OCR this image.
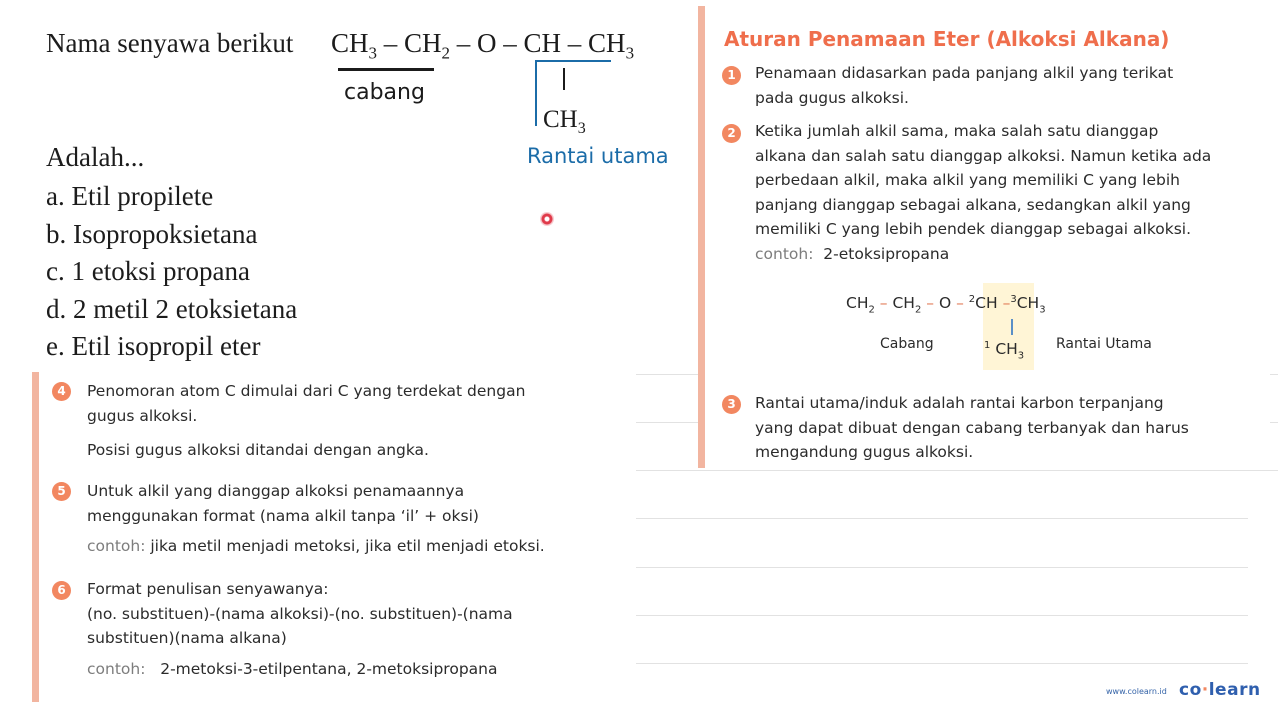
Nama senyawa berikut $CH_3 - CH_2$ – O – CH – $CH_3$
cabang
$CH_3$
Rantai utama
Adalah...
a. Etil propilete
b. Isopropoksietana
c. 1 etoksi propana
d. 2 metil 2 etoksietana
e. Etil isopropil eter
Aturan Penamaan Eter (Alkoksi Alkana)
1	Penamaan didasarkan pada panjang alkil yang terikat
pada gugus alkoksi.
2	Ketika jumlah alkil sama, maka salah satu dianggap
alkana dan salah satu dianggap alkoksi. Namun ketika ada
perbedaan alkil, maka alkil yang memiliki C yang lebih
panjang dianggap sebagai alkana, sedangkan alkil yang
memiliki C yang lebih pendek dianggap sebagai alkoksi.
contoh: 2-etoksipropana
$CH_2 - CH_2$ – O – $^2$CH $-^3CH_3$
$^1$ $CH_3$
Cabang	Rantai Utama
3	Rantai utama/induk adalah rantai karbon terpanjang
yang dapat dibuat dengan cabang terbanyak dan harus
mengandung gugus alkoksi.
4	Penomoran atom C dimulai dari C yang terdekat dengan
gugus alkoksi.
Posisi gugus alkoksi ditandai dengan angka.
5	Untuk alkil yang dianggap alkoksi penamaannya
menggunakan format (nama alkil tanpa ‘il’ + oksi)
contoh: jika metil menjadi metoksi, jika etil menjadi etoksi.
6	Format penulisan senyawanya:
(no. substituen)-(nama alkoksi)-(no. substituen)-(nama
substituen)(nama alkana)
contoh: 2-metoksi-3-etilpentana, 2-metoksipropana
www.colearn.id co·learn
